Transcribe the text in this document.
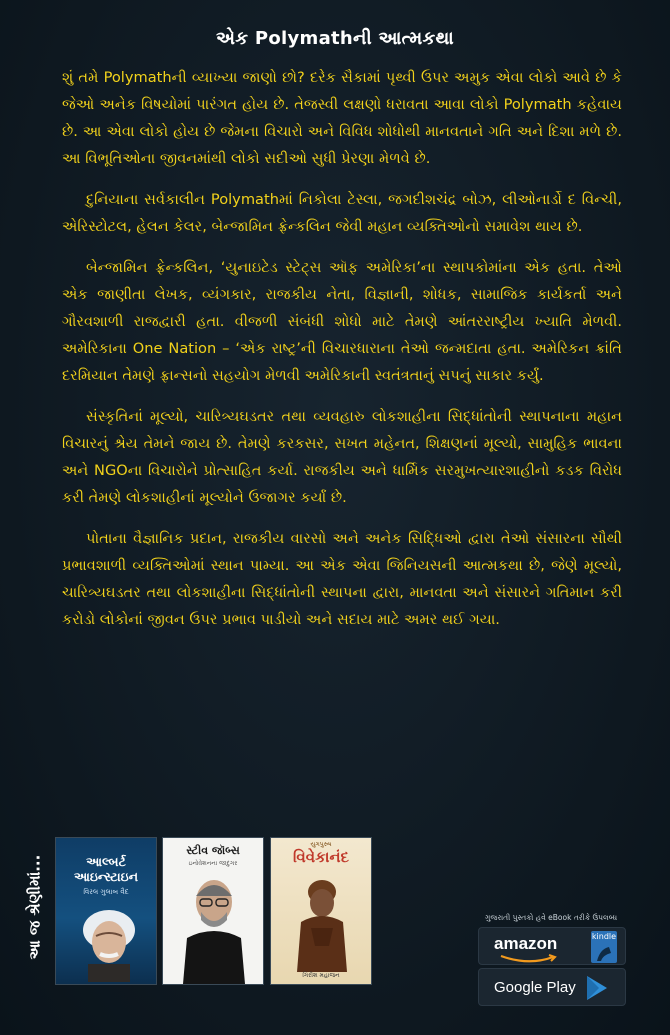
એક Polymathની આત્મકથા

શું તમે Polymathની વ્યાખ્યા જાણો છો? દરેક સૈકામાં પૃથ્વી ઉપર અમુક એવા લોકો આવે છે કે જેઓ અનેક વિષયોમાં પારંગત હોય છે. તેજસ્વી લક્ષણો ધરાવતા આવા લોકો Polymath કહેવાય છે. આ એવા લોકો હોય છે જેમના વિચારો અને વિવિધ શોધોથી માનવતાને ગતિ અને દિશા મળે છે. આ વિભૂતિઓના જીવનમાંથી લોકો સદીઓ સુધી પ્રેરણા મેળવે છે.

દુનિયાના સર્વકાલીન Polymathમાં નિકોલા ટેસ્લા, જગદીશચંદ્ર બોઝ, લીઓનાર્ડો દ વિન્ચી, એરિસ્ટોટલ, હેલન કેલર, બેન્જામિન ફ્રેન્કલિન જેવી મહાન વ્યક્તિઓનો સમાવેશ થાય છે.

બેન્જામિન ફ્રેન્કલિન, ‘યુનાઇટેડ સ્ટેટ્સ ઑફ અમેરિકા’ના સ્થાપકોમાંના એક હતા. તેઓ એક જાણીતા લેખક, વ્યંગકાર, રાજકીય નેતા, વિજ્ઞાની, શોધક, સામાજિક કાર્યકર્તા અને ગૌરવશાળી રાજદ્વારી હતા. વીજળી સંબંધી શોધો માટે તેમણે આંતરરાષ્ટ્રીય ખ્યાતિ મેળવી. અમેરિકાના One Nation – ‘એક રાષ્ટ્ર’ની વિચારધારાના તેઓ જન્મદાતા હતા. અમેરિકન ક્રાંતિ દરમિયાન તેમણે ફ્રાન્સનો સહયોગ મેળવી અમેરિકાની સ્વતંત્રતાનું સપનું સાકાર કર્યું.

સંસ્કૃતિનાં મૂલ્યો, ચારિત્ર્યઘડતર તથા વ્યવહારુ લોકશાહીના સિદ્ધાંતોની સ્થાપનાના મહાન વિચારનું શ્રેય તેમને જાય છે. તેમણે કરકસર, સખત મહેનત, શિક્ષણનાં મૂલ્યો, સામુહિક ભાવના અને NGOના વિચારોને પ્રોત્સાહિત કર્યા. રાજકીય અને ધાર્મિક સરમુખત્યારશાહીનો કડક વિરોધ કરી તેમણે લોકશાહીનાં મૂલ્યોને ઉજાગર કર્યાં છે.

પોતાના વૈજ્ઞાનિક પ્રદાન, રાજકીય વારસો અને અનેક સિદ્ધિઓ દ્વારા તેઓ સંસારના સૌથી પ્રભાવશાળી વ્યક્તિઓમાં સ્થાન પામ્યા. આ એક એવા જિનિયસની આત્મકથા છે, જેણે મૂલ્યો, ચારિત્ર્યઘડતર તથા લોકશાહીના સિદ્ધાંતોની સ્થાપના દ્વારા, માનવતા અને સંસારને ગતિમાન કરી કરોડો લોકોનાં જીવન ઉપર પ્રભાવ પાડીયો અને સદાય માટે અમર થઈ ગયા.

આ જ શ્રેણીમાં...	આલ્બર્ટ
આઇન્સ્ટાઇન
વિરલ ગુલાબ વૈદ
સ્ટીવ જૉબ્સ
ઇનોવેશનના જાદુગર
યુગપુરુષ
વિવેકાનંદ
ગિરીશ મહાજન
ગુજરાતી પુસ્તકો હવે eBook તરીકે ઉપલબ્ધ
amazon	kindle
Google Play
